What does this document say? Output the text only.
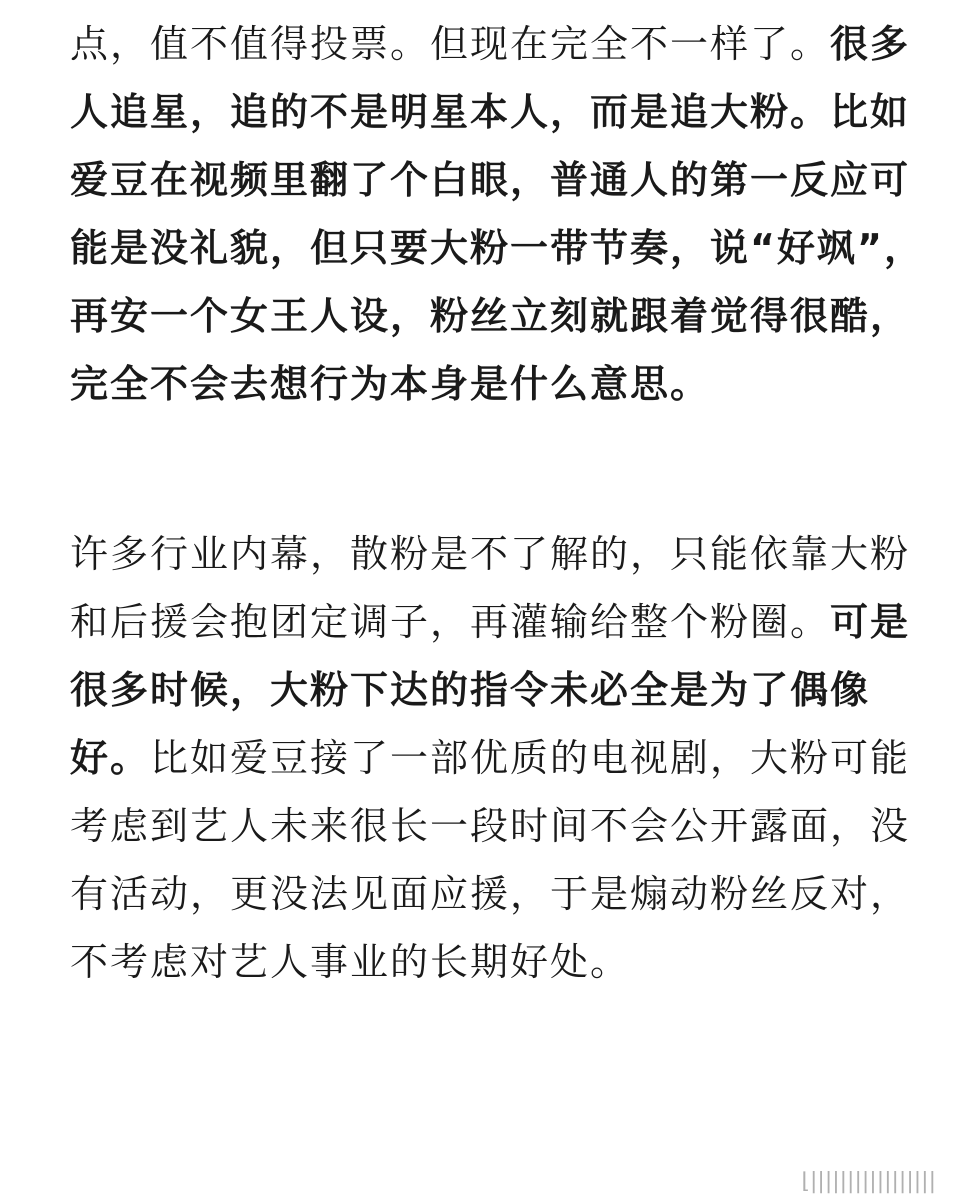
点，值不值得投票。但现在完全不一样了。很多
人追星，追的不是明星本人，而是追大粉。比如
爱豆在视频里翻了个白眼，普通人的第一反应可
能是没礼貌，但只要大粉一带节奏，说“好飒”，
再安一个女王人设，粉丝立刻就跟着觉得很酷，
完全不会去想行为本身是什么意思。
许多行业内幕，散粉是不了解的，只能依靠大粉
和后援会抱团定调子，再灌输给整个粉圈。可是
很多时候，大粉下达的指令未必全是为了偶像
好。比如爱豆接了一部优质的电视剧，大粉可能
考虑到艺人未来很长一段时间不会公开露面，没
有活动，更没法见面应援，于是煽动粉丝反对，
不考虑对艺人事业的长期好处。
⌊|||||||||||||||||
